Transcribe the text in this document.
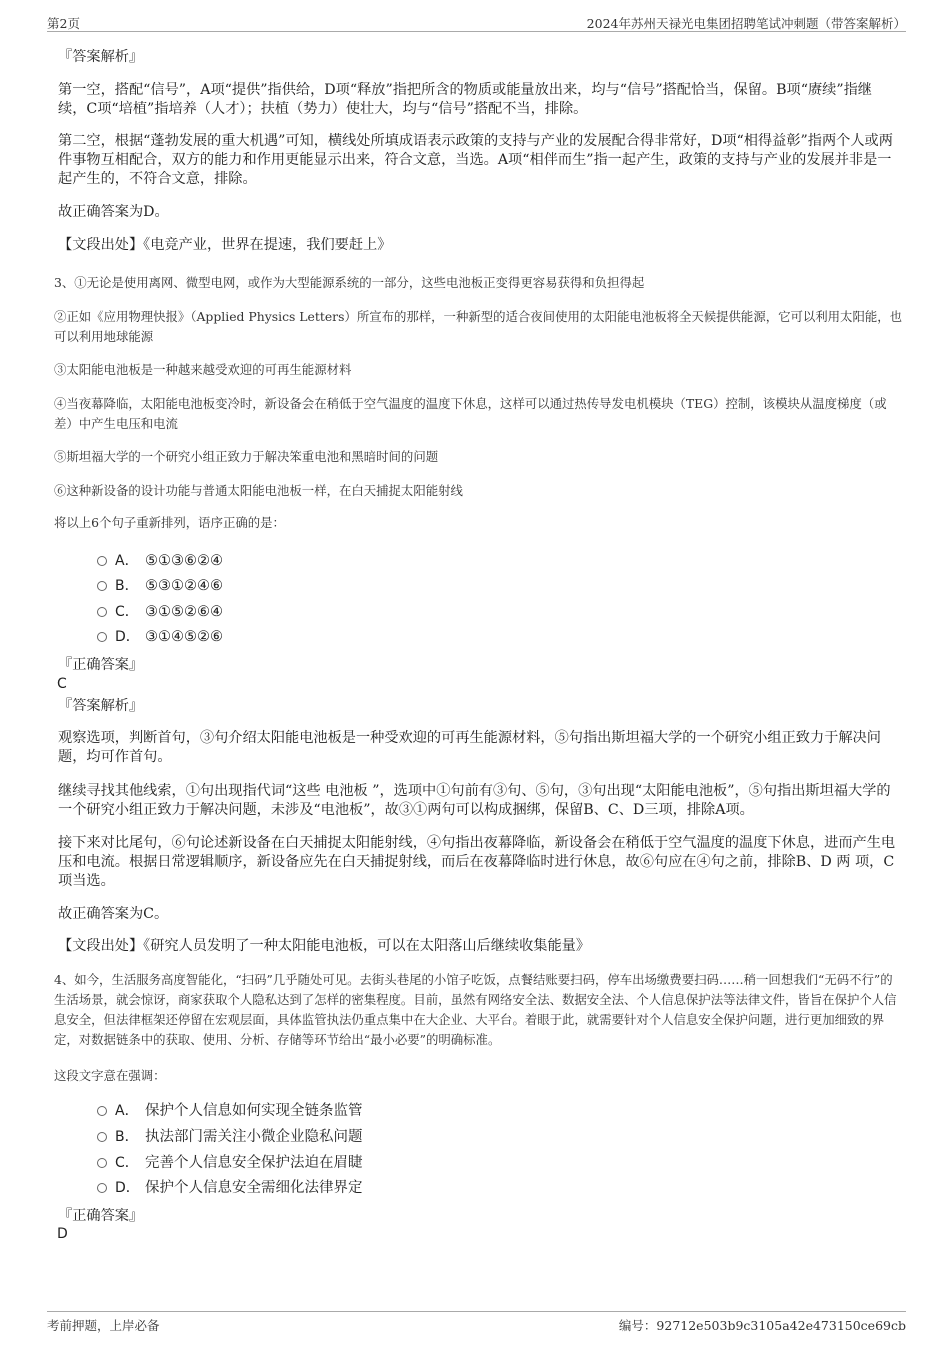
第2页	2024年苏州天禄光电集团招聘笔试冲刺题（带答案解析）
『答案解析』
第一空，搭配“信号”，A项“提供”指供给，D项“释放”指把所含的物质或能量放出来，均与“信号”搭配恰当，保留。B项“赓续”指继续，C项“培植”指培养（人才）；扶植（势力）使壮大，均与“信号”搭配不当，排除。
第二空，根据“蓬勃发展的重大机遇”可知，横线处所填成语表示政策的支持与产业的发展配合得非常好，D项“相得益彰”指两个人或两件事物互相配合，双方的能力和作用更能显示出来，符合文意，当选。A项“相伴而生”指一起产生，政策的支持与产业的发展并非是一起产生的，不符合文意，排除。
故正确答案为D。
【文段出处】《电竞产业，世界在提速，我们要赶上》
3、①无论是使用离网、微型电网，或作为大型能源系统的一部分，这些电池板正变得更容易获得和负担得起
②正如《应用物理快报》（Applied Physics Letters）所宣布的那样，一种新型的适合夜间使用的太阳能电池板将全天候提供能源，它可以利用太阳能，也可以利用地球能源
③太阳能电池板是一种越来越受欢迎的可再生能源材料
④当夜幕降临，太阳能电池板变冷时，新设备会在稍低于空气温度的温度下休息，这样可以通过热传导发电机模块（TEG）控制，该模块从温度梯度（或差）中产生电压和电流
⑤斯坦福大学的一个研究小组正致力于解决笨重电池和黑暗时间的问题
⑥这种新设备的设计功能与普通太阳能电池板一样，在白天捕捉太阳能射线
将以上6个句子重新排列，语序正确的是：
A． ⑤①③⑥②④
B． ⑤③①②④⑥
C． ③①⑤②⑥④
D． ③①④⑤②⑥
『正确答案』
C
『答案解析』
观察选项，判断首句，③句介绍太阳能电池板是一种受欢迎的可再生能源材料，⑤句指出斯坦福大学的一个研究小组正致力于解决问题，均可作首句。
继续寻找其他线索，①句出现指代词“这些 电池板 ”，选项中①句前有③句、⑤句，③句出现“太阳能电池板”，⑤句指出斯坦福大学的一个研究小组正致力于解决问题，未涉及“电池板”，故③①两句可以构成捆绑，保留B、C、D三项，排除A项。
接下来对比尾句，⑥句论述新设备在白天捕捉太阳能射线，④句指出夜幕降临，新设备会在稍低于空气温度的温度下休息，进而产生电压和电流。根据日常逻辑顺序，新设备应先在白天捕捉射线，而后在夜幕降临时进行休息，故⑥句应在④句之前，排除B、D 两 项，C项当选。
故正确答案为C。
【文段出处】《研究人员发明了一种太阳能电池板，可以在太阳落山后继续收集能量》
4、如今，生活服务高度智能化，“扫码”几乎随处可见。去街头巷尾的小馆子吃饭，点餐结账要扫码，停车出场缴费要扫码……稍一回想我们“无码不行”的生活场景，就会惊讶，商家获取个人隐私达到了怎样的密集程度。目前，虽然有网络安全法、数据安全法、个人信息保护法等法律文件，皆旨在保护个人信息安全，但法律框架还停留在宏观层面，具体监管执法仍重点集中在大企业、大平台。着眼于此，就需要针对个人信息安全保护问题，进行更加细致的界定，对数据链条中的获取、使用、分析、存储等环节给出“最小必要”的明确标准。
这段文字意在强调：
A． 保护个人信息如何实现全链条监管
B． 执法部门需关注小微企业隐私问题
C． 完善个人信息安全保护法迫在眉睫
D． 保护个人信息安全需细化法律界定
『正确答案』
D
考前押题，上岸必备	编号：92712e503b9c3105a42e473150ce69cb
